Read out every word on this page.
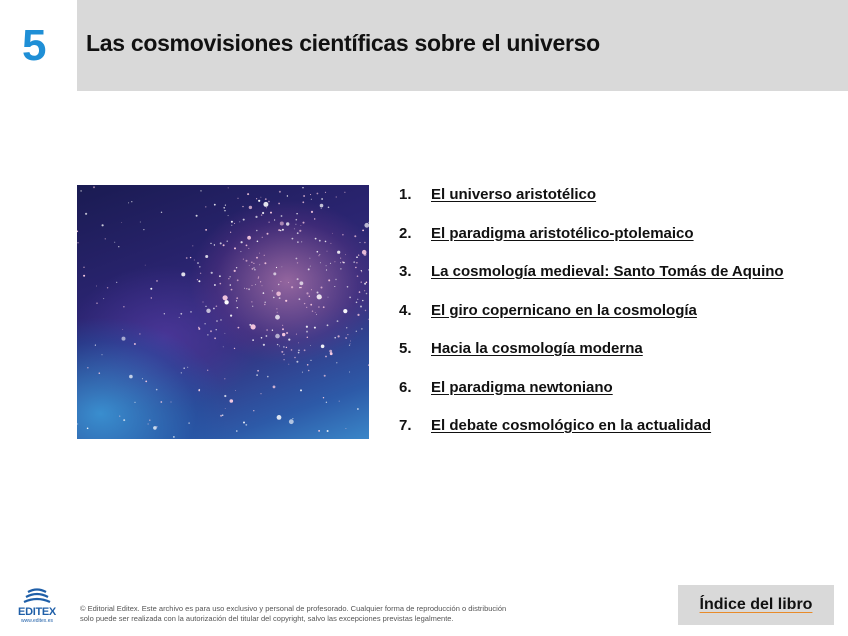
5	Las cosmovisiones científicas sobre el universo
1.	El universo aristotélico
2.	El paradigma aristotélico-ptolemaico
3.	La cosmología medieval: Santo Tomás de Aquino
4.	El giro copernicano en la cosmología
5.	Hacia la cosmología moderna
6.	El paradigma newtoniano
7.	El debate cosmológico en la actualidad
EDITEX
www.editex.es
© Editorial Editex. Este archivo es para uso exclusivo y personal de profesorado. Cualquier forma de reproducción o distribución
solo puede ser realizada con la autorización del titular del copyright, salvo las excepciones previstas legalmente.
Índice del libro
